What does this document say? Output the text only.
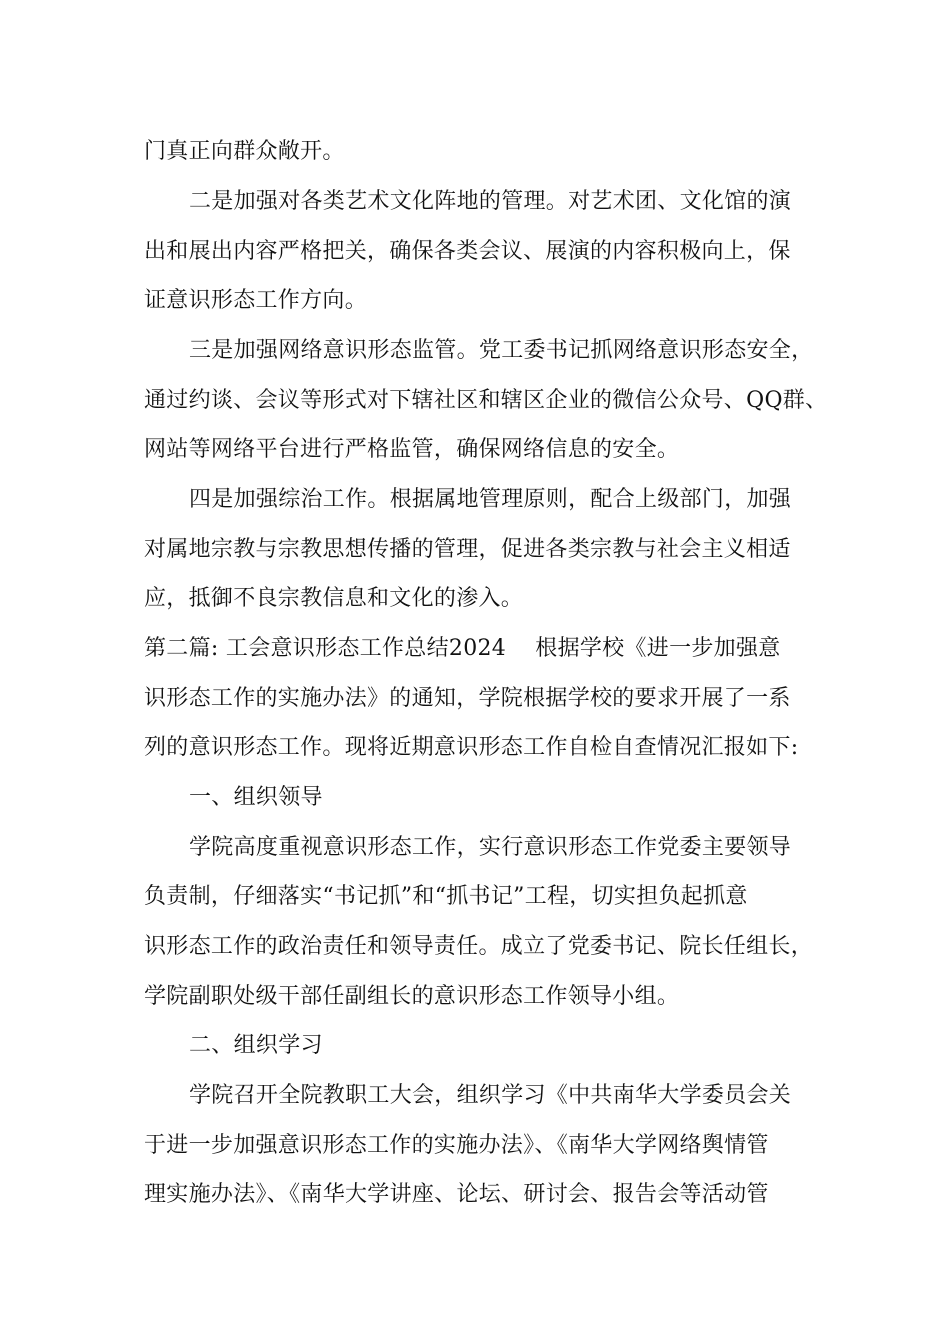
门真正向群众敞开。
二是加强对各类艺术文化阵地的管理。对艺术团、文化馆的演
出和展出内容严格把关，确保各类会议、展演的内容积极向上，保
证意识形态工作方向。
三是加强网络意识形态监管。党工委书记抓网络意识形态安全，
通过约谈、会议等形式对下辖社区和辖区企业的微信公众号、QQ群、
网站等网络平台进行严格监管，确保网络信息的安全。
四是加强综治工作。根据属地管理原则，配合上级部门，加强
对属地宗教与宗教思想传播的管理，促进各类宗教与社会主义相适
应，抵御不良宗教信息和文化的渗入。
第二篇: 工会意识形态工作总结2024    根据学校《进一步加强意
识形态工作的实施办法》的通知，学院根据学校的要求开展了一系
列的意识形态工作。现将近期意识形态工作自检自查情况汇报如下:
一、组织领导
学院高度重视意识形态工作，实行意识形态工作党委主要领导
负责制，仔细落实“书记抓”和“抓书记”工程，切实担负起抓意
识形态工作的政治责任和领导责任。成立了党委书记、院长任组长，
学院副职处级干部任副组长的意识形态工作领导小组。
二、组织学习
学院召开全院教职工大会，组织学习《中共南华大学委员会关
于进一步加强意识形态工作的实施办法》、《南华大学网络舆情管
理实施办法》、《南华大学讲座、论坛、研讨会、报告会等活动管
